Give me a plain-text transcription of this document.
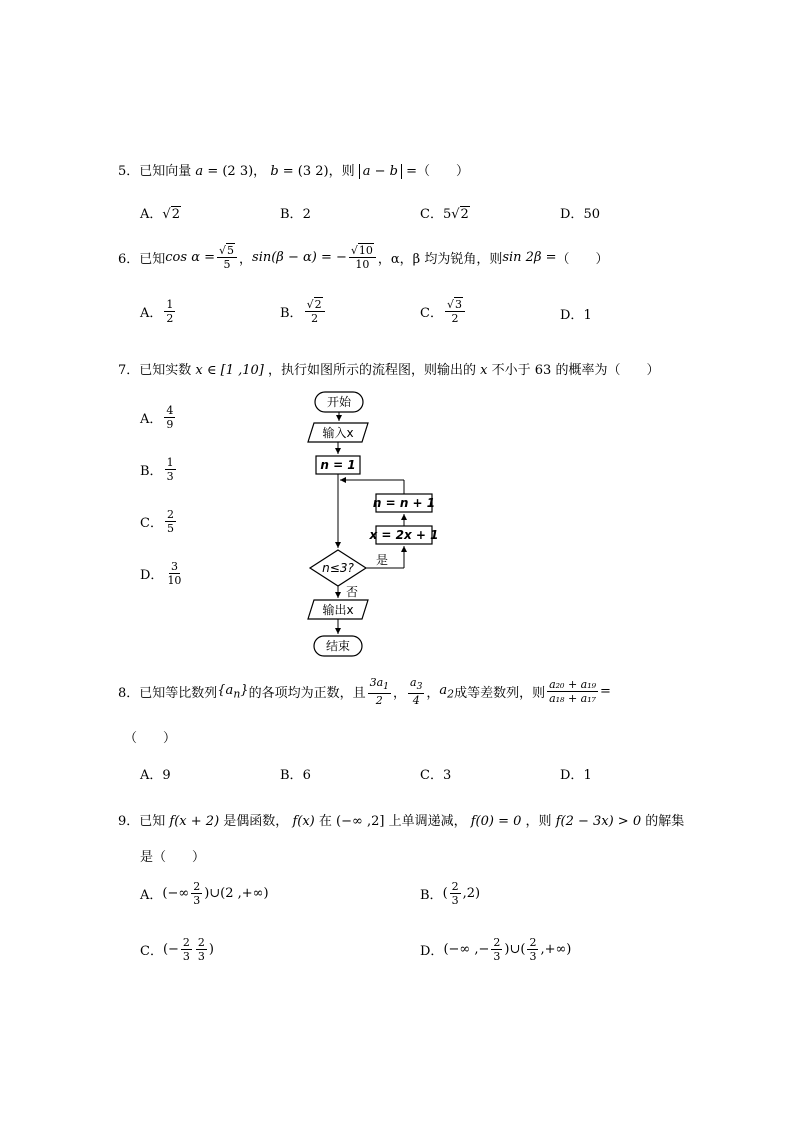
5．已知向量 a = (2 3)， b = (3 2)，则 a − b =（　　）
A．√2	B．2	C．5√2	D．50
6．已知 $\cos \alpha = \frac{√5}{5}$ ， sin(β − α) = − $\frac{√10}{10}$ ，α，β 均为锐角，则 sin 2β = （　　）
A． $\frac{1}{2}$	B． $\frac{√2}{2}$	C． $\frac{√3}{2}$	D．1
7．已知实数 x ∈ [1 ,10] ，执行如图所示的流程图，则输出的 x 不小于 63 的概率为（　　）
A． $\frac{4}{9}$
B． $\frac{1}{3}$
C． $\frac{2}{5}$
D． $\frac{3}{10}$
开始
输入x
n = 1
n = n + 1
x = 2x + 1
n≤3?
是
否
输出x
结束
8．已知等比数列 $\{a_n\}$ 的各项均为正数，且 $\frac{3a_1}{2}$ ， $\frac{a_3}{4}$ ， $a_2$ 成等差数列，则 $\frac{\text{a₂₀ + a₁₉}}{\text{a₁₈ + a₁₇}}$ =
（　　）
A．9	B．6	C．3	D．1
9．已知 f(x + 2) 是偶函数， f(x) 在 (−∞ ,2] 上单调递减， f(0) = 0 ，则 f(2 − 3x) > 0 的解集
是（　　）
A． (−∞ $\frac{2}{3}$ )∪(2 ,+∞)	B． ( $\frac{2}{3} ,2$)
C． (− $\frac{2}{3} \frac{2}{3}$ )	D． (−∞ ,− $\frac{2}{3}$ )∪( $\frac{2}{3}$ ,+∞)
